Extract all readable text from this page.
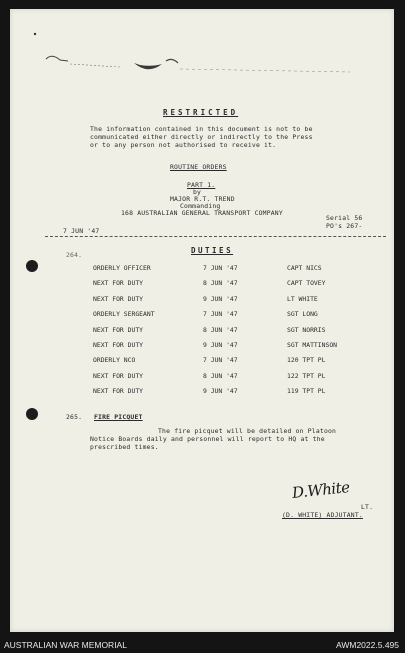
RESTRICTED
The information contained in this document is not to be
communicated either directly or indirectly to the Press
or to any person not authorised to receive it.
ROUTINE ORDERS
PART 1.
by
MAJOR R.T. TREND
Commanding
168 AUSTRALIAN GENERAL TRANSPORT COMPANY
7 JUN '47
Serial 56
PO's 267-
264.	DUTIES
ORDERLY OFFICER	7 JUN '47	CAPT NICS
NEXT FOR DUTY	8 JUN '47	CAPT TOVEY
NEXT FOR DUTY	9 JUN '47	LT WHITE
ORDERLY SERGEANT	7 JUN '47	SGT LONG
NEXT FOR DUTY	8 JUN '47	SGT NORRIS
NEXT FOR DUTY	9 JUN '47	SGT MATTINSON
ORDERLY NCO	7 JUN '47	120 TPT PL
NEXT FOR DUTY	8 JUN '47	122 TPT PL
NEXT FOR DUTY	9 JUN '47	119 TPT PL
265. FIRE PICQUET
The fire picquet will be detailed on Platoon
Notice Boards daily and personnel will report to HQ at the
prescribed times.
D.White
LT.
(D. WHITE) ADJUTANT.
AUSTRALIAN WAR MEMORIAL	AWM2022.5.495
